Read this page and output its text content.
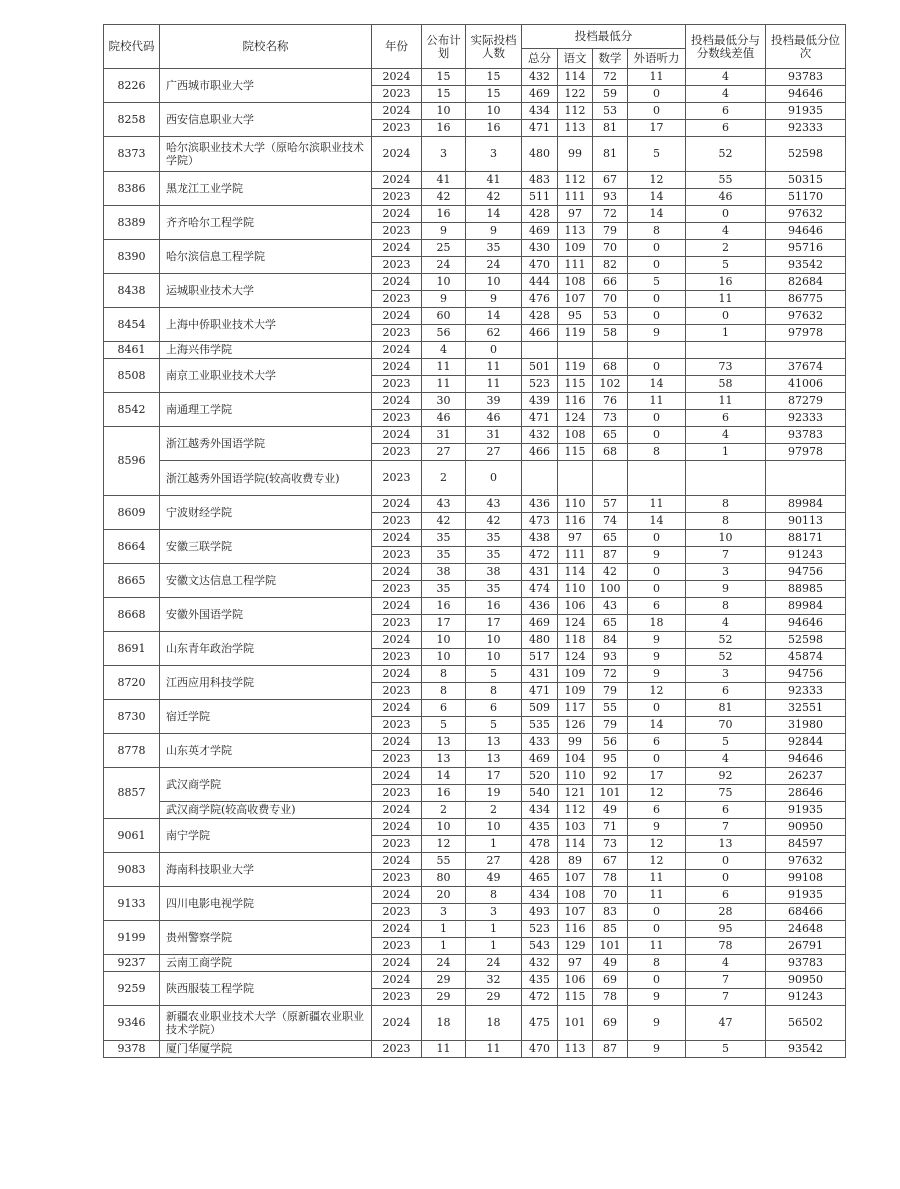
院校代码	院校名称	年份	公布计划	实际投档人数	投档最低分				投档最低分与分数线差值	投档最低分位次
					总分	语文	数学	外语听力		
8226	广西城市职业大学	2024	15	15	432	114	72	11	4	93783
		2023	15	15	469	122	59	0	4	94646
8258	西安信息职业大学	2024	10	10	434	112	53	0	6	91935
		2023	16	16	471	113	81	17	6	92333
8373	哈尔滨职业技术大学（原哈尔滨职业技术学院）	2024	3	3	480	99	81	5	52	52598
8386	黑龙江工业学院	2024	41	41	483	112	67	12	55	50315
		2023	42	42	511	111	93	14	46	51170
8389	齐齐哈尔工程学院	2024	16	14	428	97	72	14	0	97632
		2023	9	9	469	113	79	8	4	94646
8390	哈尔滨信息工程学院	2024	25	35	430	109	70	0	2	95716
		2023	24	24	470	111	82	0	5	93542
8438	运城职业技术大学	2024	10	10	444	108	66	5	16	82684
		2023	9	9	476	107	70	0	11	86775
8454	上海中侨职业技术大学	2024	60	14	428	95	53	0	0	97632
		2023	56	62	466	119	58	9	1	97978
8461	上海兴伟学院	2024	4	0						
8508	南京工业职业技术大学	2024	11	11	501	119	68	0	73	37674
		2023	11	11	523	115	102	14	58	41006
8542	南通理工学院	2024	30	39	439	116	76	11	11	87279
		2023	46	46	471	124	73	0	6	92333
8596	浙江越秀外国语学院	2024	31	31	432	108	65	0	4	93783
		2023	27	27	466	115	68	8	1	97978
	浙江越秀外国语学院(较高收费专业)	2023	2	0						
8609	宁波财经学院	2024	43	43	436	110	57	11	8	89984
		2023	42	42	473	116	74	14	8	90113
8664	安徽三联学院	2024	35	35	438	97	65	0	10	88171
		2023	35	35	472	111	87	9	7	91243
8665	安徽文达信息工程学院	2024	38	38	431	114	42	0	3	94756
		2023	35	35	474	110	100	0	9	88985
8668	安徽外国语学院	2024	16	16	436	106	43	6	8	89984
		2023	17	17	469	124	65	18	4	94646
8691	山东青年政治学院	2024	10	10	480	118	84	9	52	52598
		2023	10	10	517	124	93	9	52	45874
8720	江西应用科技学院	2024	8	5	431	109	72	9	3	94756
		2023	8	8	471	109	79	12	6	92333
8730	宿迁学院	2024	6	6	509	117	55	0	81	32551
		2023	5	5	535	126	79	14	70	31980
8778	山东英才学院	2024	13	13	433	99	56	6	5	92844
		2023	13	13	469	104	95	0	4	94646
8857	武汉商学院	2024	14	17	520	110	92	17	92	26237
		2023	16	19	540	121	101	12	75	28646
	武汉商学院(较高收费专业)	2024	2	2	434	112	49	6	6	91935
9061	南宁学院	2024	10	10	435	103	71	9	7	90950
		2023	12	1	478	114	73	12	13	84597
9083	海南科技职业大学	2024	55	27	428	89	67	12	0	97632
		2023	80	49	465	107	78	11	0	99108
9133	四川电影电视学院	2024	20	8	434	108	70	11	6	91935
		2023	3	3	493	107	83	0	28	68466
9199	贵州警察学院	2024	1	1	523	116	85	0	95	24648
		2023	1	1	543	129	101	11	78	26791
9237	云南工商学院	2024	24	24	432	97	49	8	4	93783
9259	陕西服装工程学院	2024	29	32	435	106	69	0	7	90950
		2023	29	29	472	115	78	9	7	91243
9346	新疆农业职业技术大学（原新疆农业职业技术学院）	2024	18	18	475	101	69	9	47	56502
9378	厦门华厦学院	2023	11	11	470	113	87	9	5	93542
